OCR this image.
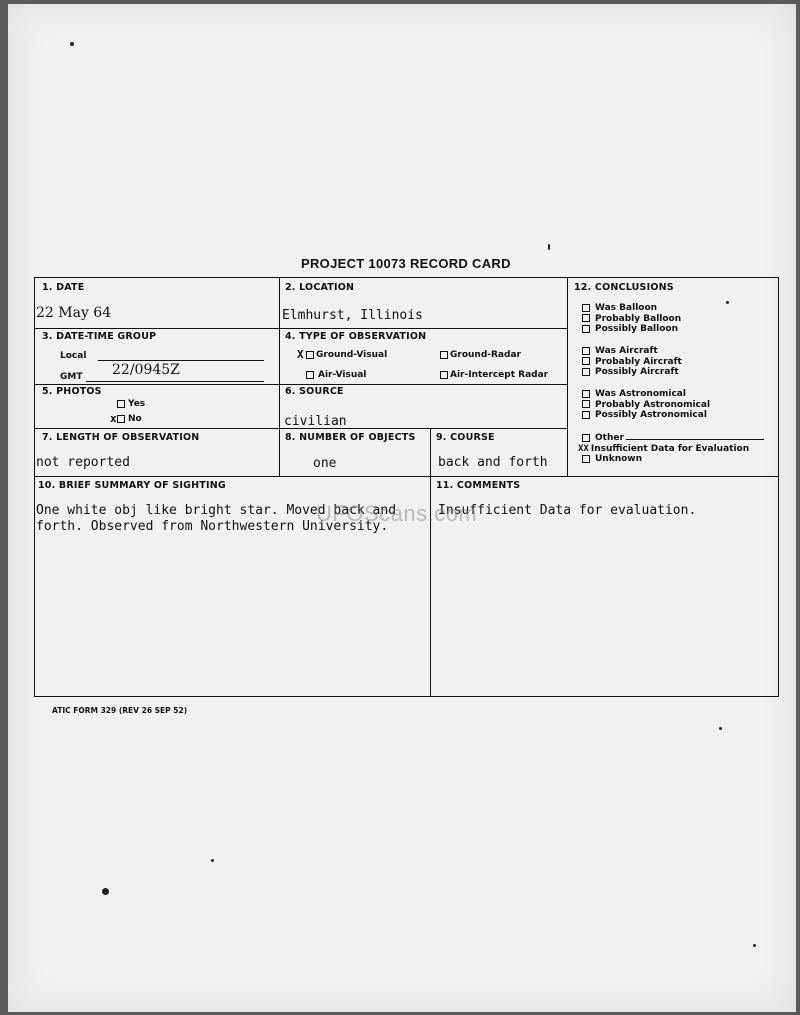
PROJECT 10073 RECORD CARD
1. DATE
22 May 64
2. LOCATION
Elmhurst, Illinois
3. DATE-TIME GROUP
Local
GMT 22/0945Z
4. TYPE OF OBSERVATION
X	Ground-Visual	Ground-Radar
Air-Visual	Air-Intercept Radar
5. PHOTOS
Yes
x	No
6. SOURCE
civilian
7. LENGTH OF OBSERVATION
not reported
8. NUMBER OF OBJECTS
one
9. COURSE
back and forth
12. CONCLUSIONS
Was Balloon
Probably Balloon
Possibly Balloon
Was Aircraft
Probably Aircraft
Possibly Aircraft
Was Astronomical
Probably Astronomical
Possibly Astronomical
Other
XX Insufficient Data for Evaluation
Unknown
10. BRIEF SUMMARY OF SIGHTING
One white obj like bright star. Moved back and
forth. Observed from Northwestern University.
11. COMMENTS
Insufficient Data for evaluation.
UFOScans.com
ATIC FORM 329 (REV 26 SEP 52)
